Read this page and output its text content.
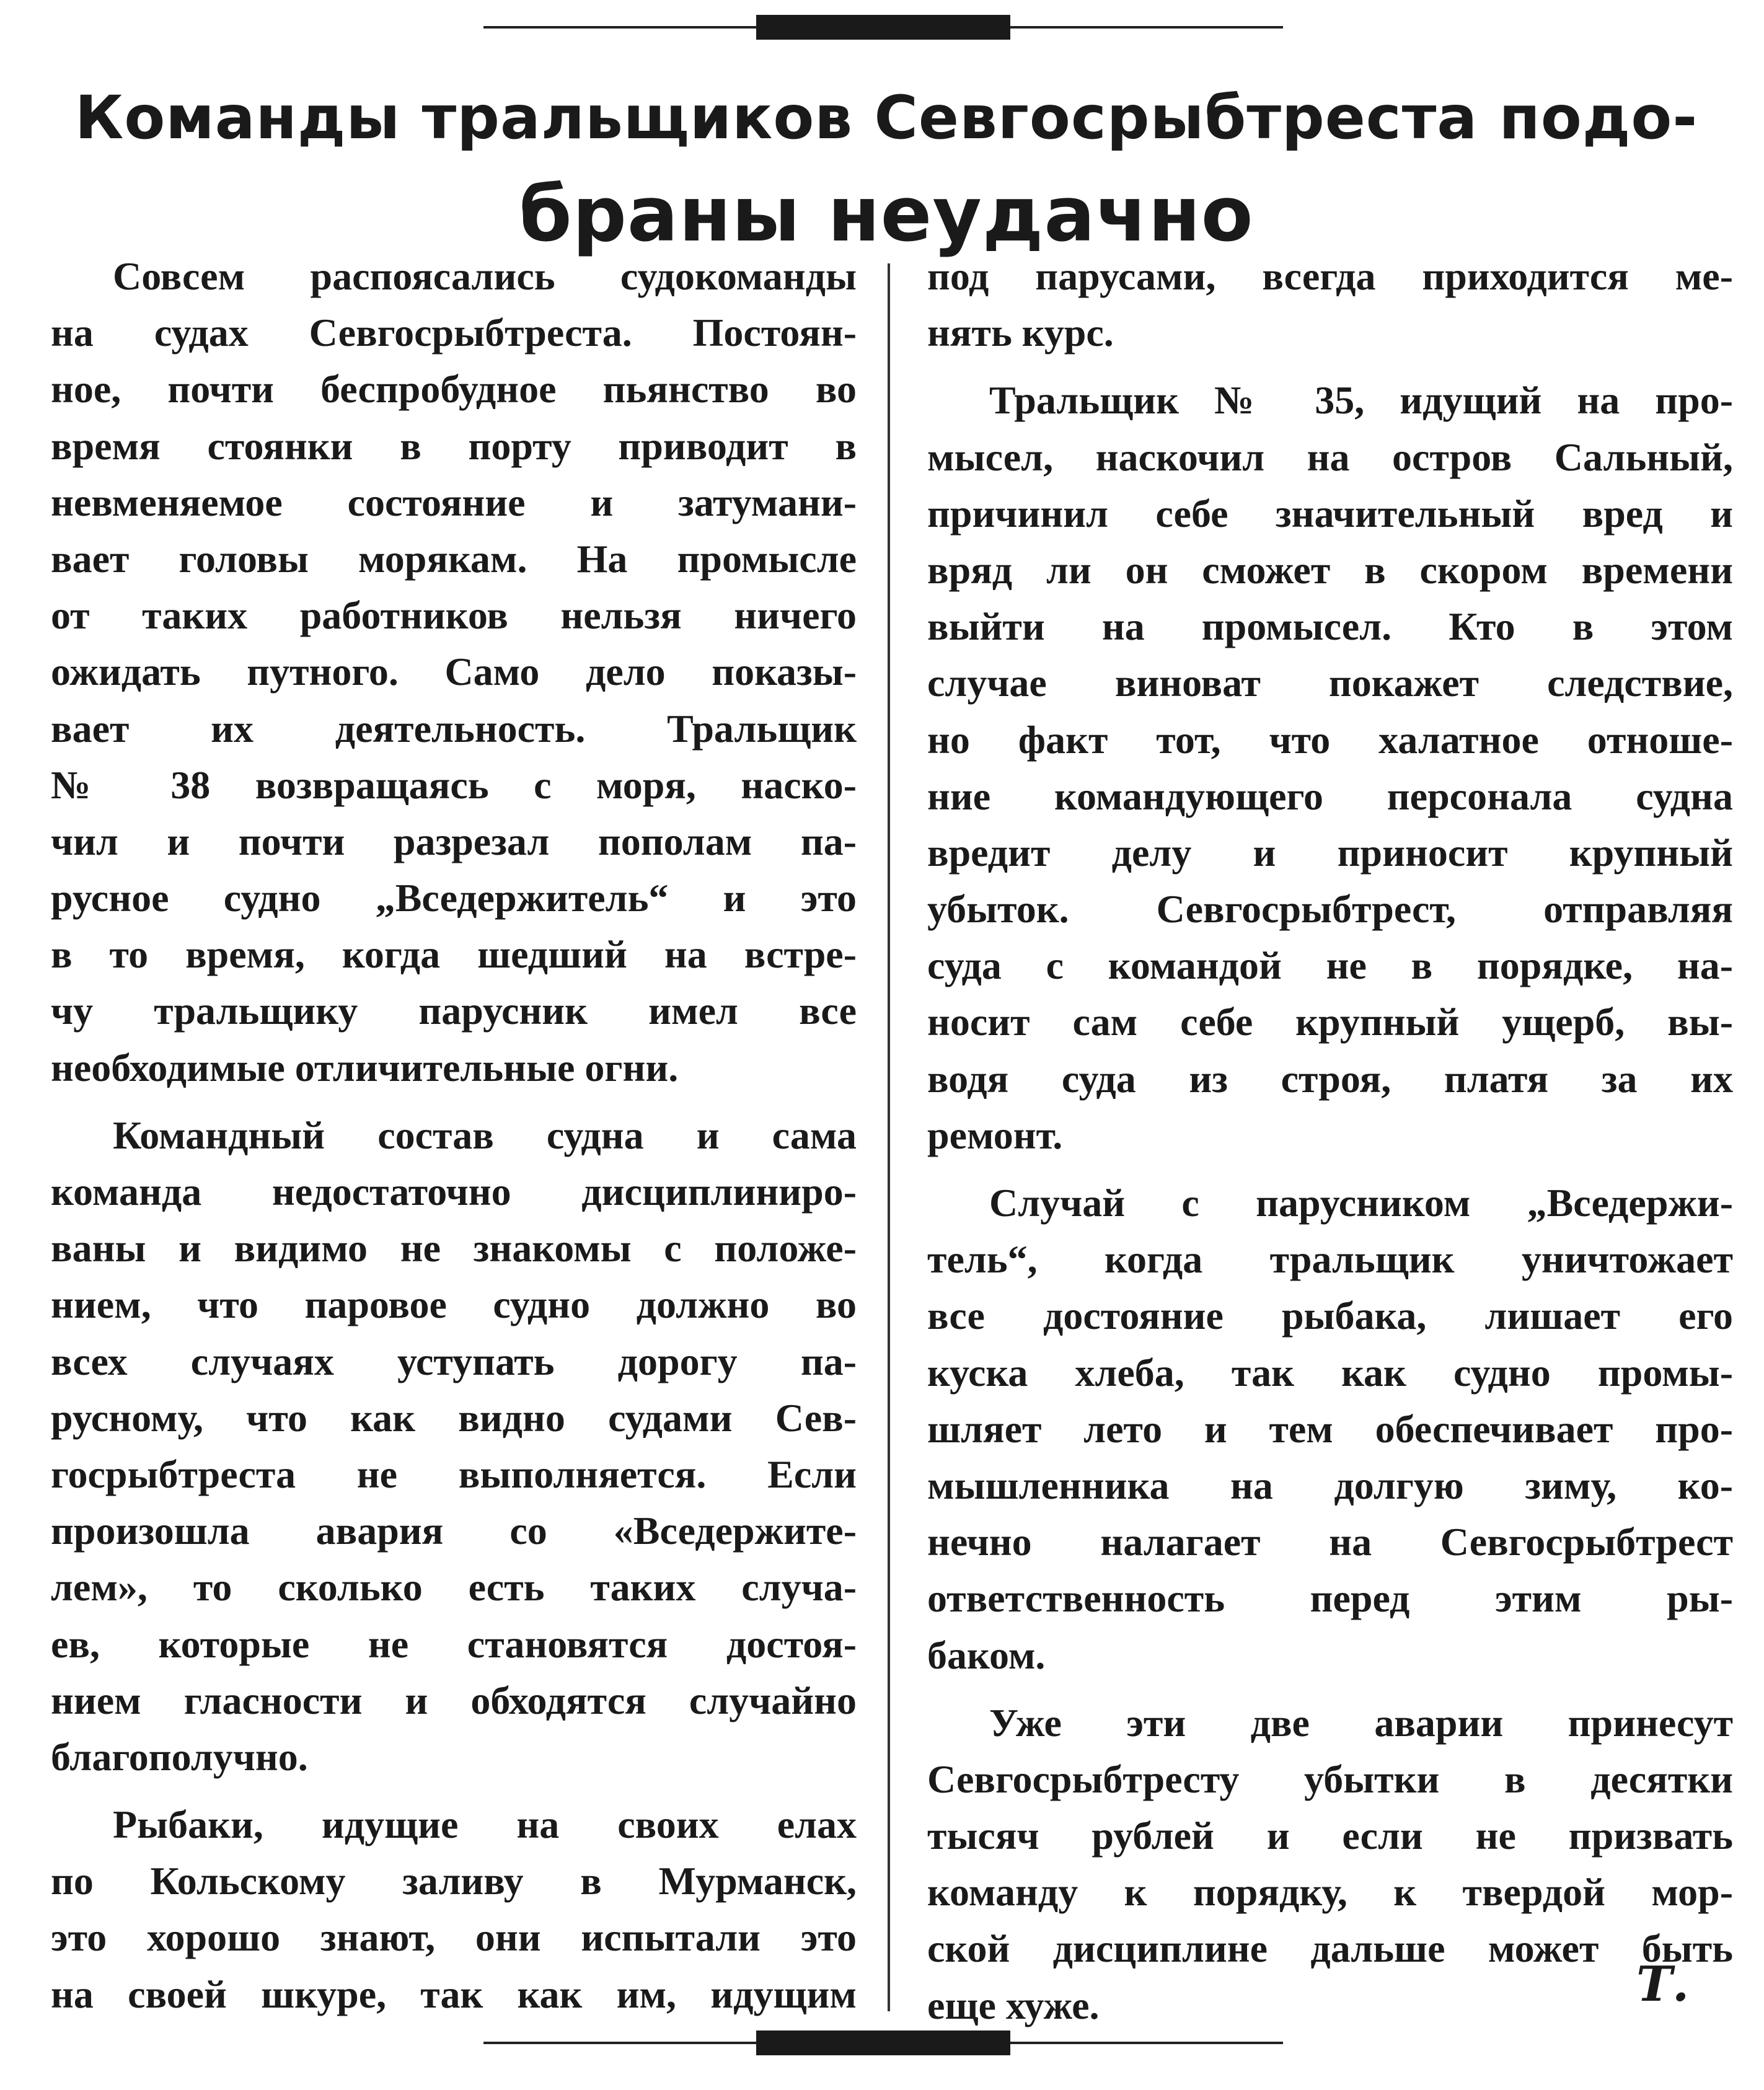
Команды тральщиков Севгосрыбтреста подо-
браны неудачно
Совсем распоясались судокоманды
на судах Севгосрыбтреста. Постоян-
ное, почти беспробудное пьянство во
время стоянки в порту приводит в
невменяемое состояние и затумани-
вает головы морякам. На промысле
от таких работников нельзя ничего
ожидать путного. Само дело показы-
вает их деятельность. Тральщик
№ 38 возвращаясь с моря, наско-
чил и почти разрезал пополам па-
русное судно „Вседержитель“ и это
в то время, когда шедший на встре-
чу тральщику парусник имел все
необходимые отличительные огни.
Командный состав судна и сама
команда недостаточно дисциплиниро-
ваны и видимо не знакомы с положе-
нием, что паровое судно должно во
всех случаях уступать дорогу па-
русному, что как видно судами Сев-
госрыбтреста не выполняется. Если
произошла авария со «Вседержите-
лем», то сколько есть таких случа-
ев, которые не становятся достоя-
нием гласности и обходятся случайно
благополучно.
Рыбаки, идущие на своих елах
по Кольскому заливу в Мурманск,
это хорошо знают, они испытали это
на своей шкуре, так как им, идущим
под парусами, всегда приходится ме-
нять курс.
Тральщик № 35, идущий на про-
мысел, наскочил на остров Сальный,
причинил себе значительный вред и
вряд ли он сможет в скором времени
выйти на промысел. Кто в этом
случае виноват покажет следствие,
но факт тот, что халатное отноше-
ние командующего персонала судна
вредит делу и приносит крупный
убыток. Севгосрыбтрест, отправляя
суда с командой не в порядке, на-
носит сам себе крупный ущерб, вы-
водя суда из строя, платя за их
ремонт.
Случай с парусником „Вседержи-
тель“, когда тральщик уничтожает
все достояние рыбака, лишает его
куска хлеба, так как судно промы-
шляет лето и тем обеспечивает про-
мышленника на долгую зиму, ко-
нечно налагает на Севгосрыбтрест
ответственность перед этим ры-
баком.
Уже эти две аварии принесут
Севгосрыбтресту убытки в десятки
тысяч рублей и если не призвать
команду к порядку, к твердой мор-
ской дисциплине дальше может быть
еще хуже.	Т.
